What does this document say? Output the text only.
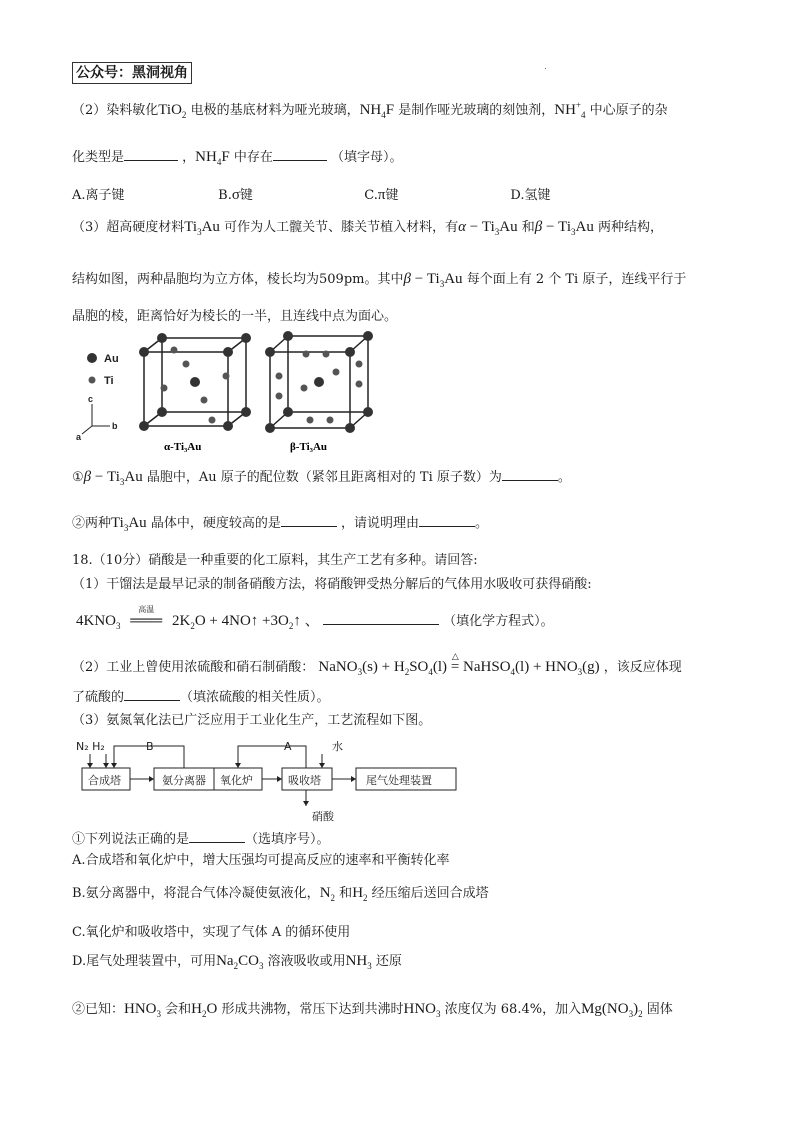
公众号：黑洞视角	.
（2）染料敏化TiO$_2$ 电极的基底材料为哑光玻璃，$NH_4F$ 是制作哑光玻璃的刻蚀剂，$NH^+_4$ 中心原子的杂
化类型是	，$NH_4F$ 中存在	（填字母）。
A.离子键	B.σ键	C.π键	D.氢键
（3）超高硬度材料$Ti_3Au$ 可作为人工髋关节、膝关节植入材料，有$\alpha - Ti_3Au$ 和$\beta - Ti_3Au$ 两种结构，
结构如图，两种晶胞均为立方体，棱长均为509pm。其中$\beta - Ti_3Au$ 每个面上有 2 个 Ti 原子，连线平行于
晶胞的棱，距离恰好为棱长的一半，且连线中点为面心。
Au
Ti
c
b
a
α-Ti₃Au	β-Ti₃Au
①β − $Ti_3Au$ 晶胞中，Au 原子的配位数（紧邻且距离相对的 Ti 原子数）为	。
②两种$Ti_3Au$ 晶体中，硬度较高的是	，请说明理由	。
18.（10分）硝酸是一种重要的化工原料，其生产工艺有多种。请回答:
（1）干馏法是最早记录的制备硝酸方法，将硝酸钾受热分解后的气体用水吸收可获得硝酸:
$4KNO_3$
高温
═══ $2K_2O$ + 4NO↑ $+3O_2↑$ 、	（填化学方程式）。
（2）工业上曾使用浓硫酸和硝石制硝酸： NaNO$_3$(s) + $H_2SO_4(l)$ =
△
NaHSO$_4$(l) + $HNO_3(g)$ ，该反应体现
了硫酸的	（填浓硫酸的相关性质）。
（3）氨氮氧化法已广泛应用于工业化生产，工艺流程如下图。
N₂ H₂	B	A	水
硝酸
合成塔	氨分离器 氧化炉	吸收塔	尾气处理装置
①下列说法正确的是	（选填序号）。
A.合成塔和氧化炉中，增大压强均可提高反应的速率和平衡转化率
B.氨分离器中，将混合气体冷凝使氨液化，$N_2$ 和$H_2$ 经压缩后送回合成塔
C.氧化炉和吸收塔中，实现了气体 A 的循环使用
D.尾气处理装置中，可用$Na_2CO_3$ 溶液吸收或用$NH_3$ 还原
②已知：$HNO_3$ 会和$H_2O$ 形成共沸物，常压下达到共沸时$HNO_3$ 浓度仅为 68.4%，加入$Mg(NO_3)_2$ 固体
